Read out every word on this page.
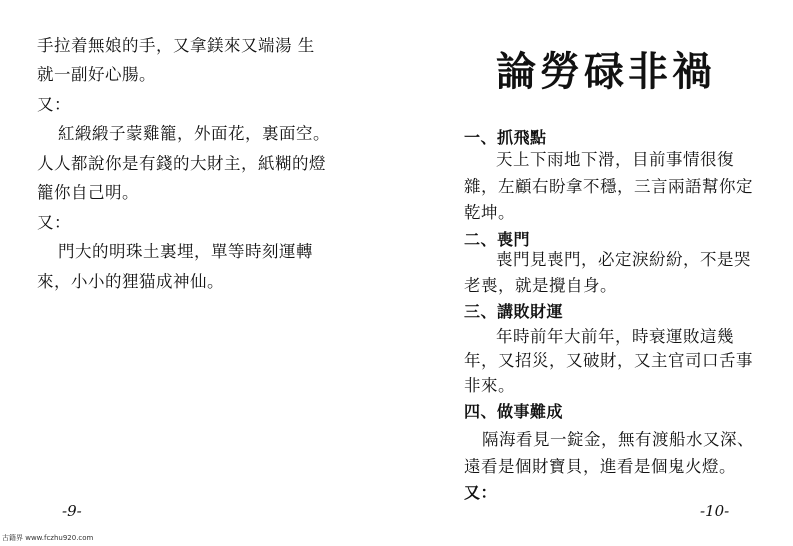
手拉着無娘的手，又拿鎂來又端湯 生
就一副好心腸。
又：
紅緞緞子蒙雞籠，外面花，裏面空。
人人都說你是有錢的大財主，紙糊的燈
籠你自己明。
又：
門大的明珠土裏埋，單等時刻運轉
來，小小的狸猫成神仙。
-9-
古籍界 www.fczhu920.com
論勞碌非禍
一、抓飛點
天上下雨地下滑，目前事情很復
雜，左顧右盼拿不穩，三言兩語幫你定
乾坤。
二、喪門
喪門見喪門，必定淚紛紛，不是哭
老喪，就是攪自身。
三、講敗財運
年時前年大前年，時衰運敗這幾
年，又招災，又破財，又主官司口舌事
非來。
四、做事難成
隔海看見一錠金，無有渡船水又深、
遠看是個財寶貝，進看是個鬼火燈。
又：
-10-
